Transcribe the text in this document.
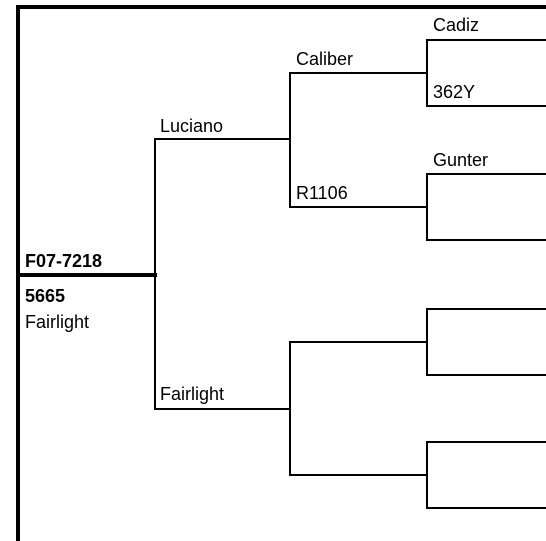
F07-7218
5665
Fairlight
Luciano
Fairlight
Caliber
R1106
Cadiz
362Y
Gunter
